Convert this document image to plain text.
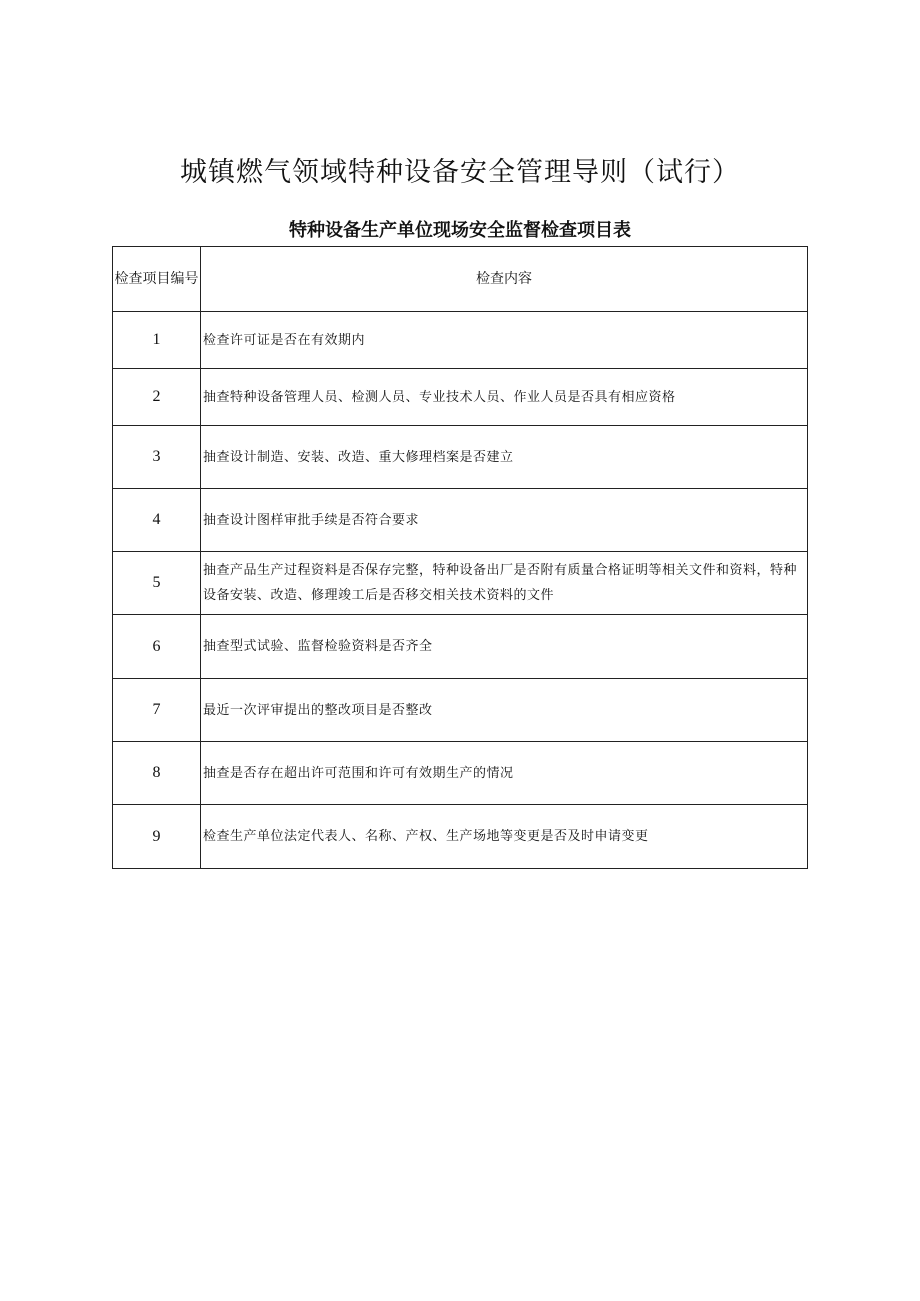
城镇燃气领域特种设备安全管理导则（试行）
特种设备生产单位现场安全监督检查项目表
检查项目编号	检查内容
1	检查许可证是否在有效期内
2	抽查特种设备管理人员、检测人员、专业技术人员、作业人员是否具有相应资格
3	抽查设计制造、安装、改造、重大修理档案是否建立
4	抽查设计图样审批手续是否符合要求
5	抽查产品生产过程资料是否保存完整，特种设备出厂是否附有质量合格证明等相关文件和资料，特种设备安装、改造、修理竣工后是否移交相关技术资料的文件
6	抽查型式试验、监督检验资料是否齐全
7	最近一次评审提出的整改项目是否整改
8	抽查是否存在超出许可范围和许可有效期生产的情况
9	检查生产单位法定代表人、名称、产权、生产场地等变更是否及时申请变更
